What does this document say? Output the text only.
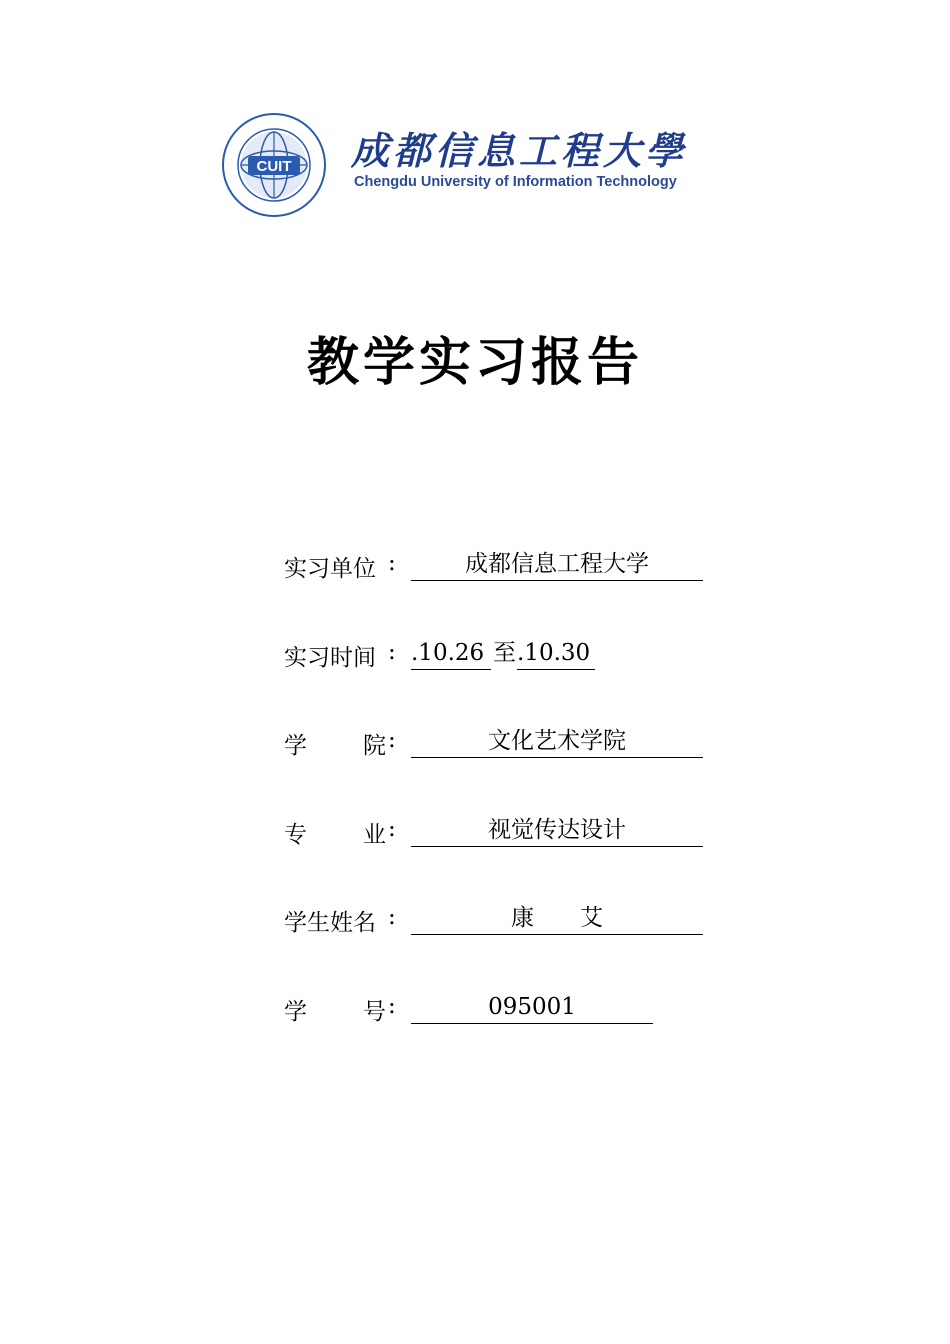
CUIT 成都信息工程大學
Chengdu University of Information Technology
教学实习报告
实习单位 :	成都信息工程大学
实习时间 : .10.26 至 .10.30
学 院 :	文化艺术学院
专 业 :	视觉传达设计
学生姓名 :	康　　艾
学 号 :	095001
